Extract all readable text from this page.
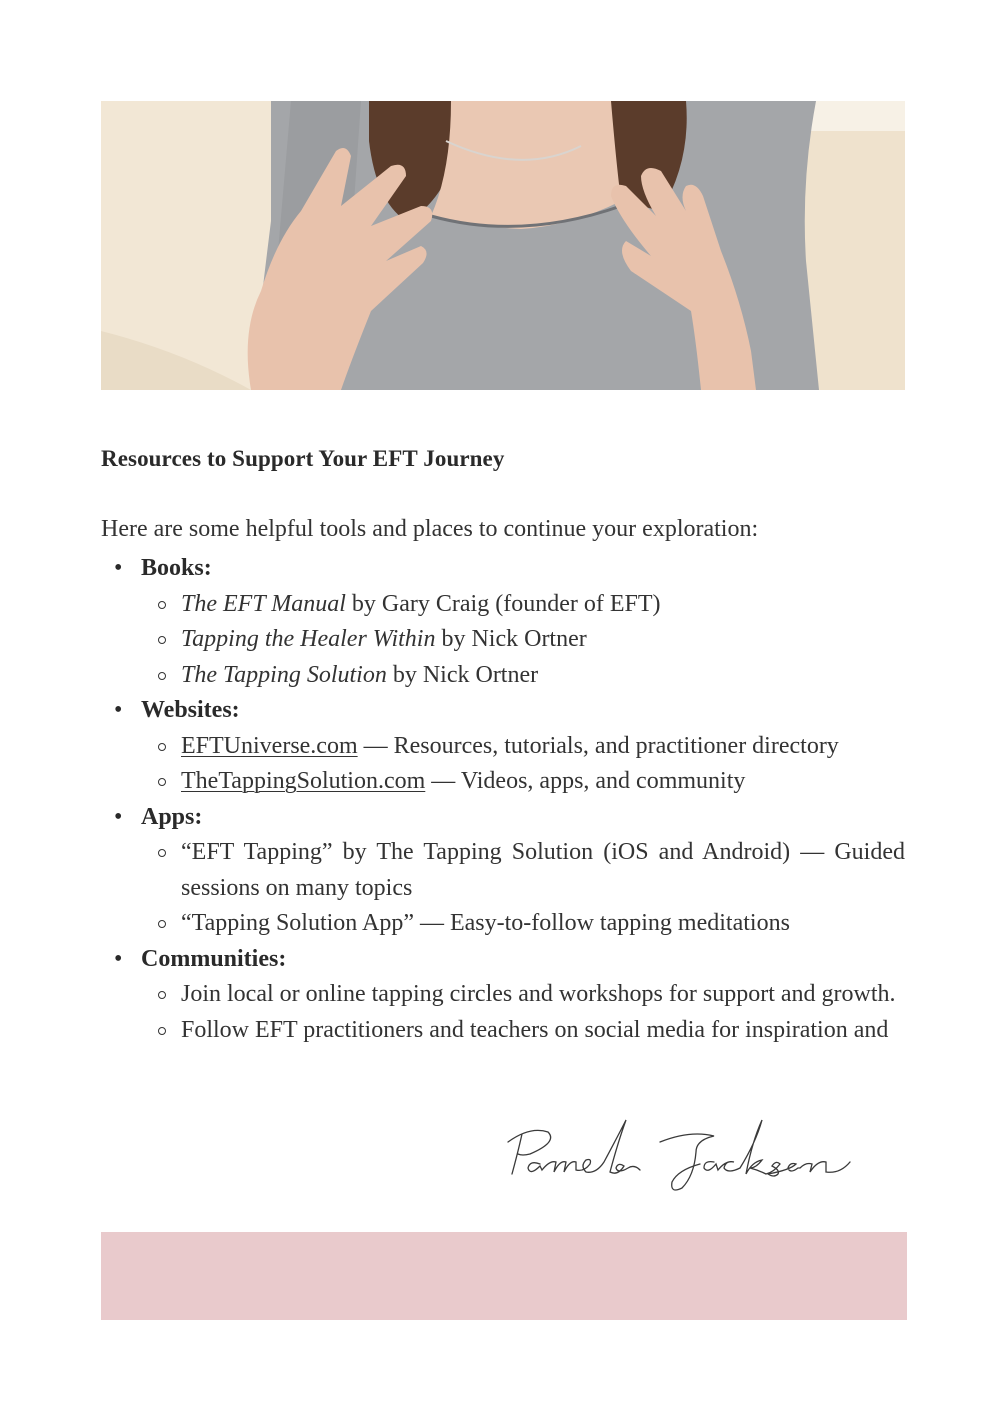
Resources to Support Your EFT Journey
Here are some helpful tools and places to continue your exploration:
• Books:
The EFT Manual by Gary Craig (founder of EFT)
Tapping the Healer Within by Nick Ortner
The Tapping Solution by Nick Ortner
• Websites:
EFTUniverse.com — Resources, tutorials, and practitioner directory
TheTappingSolution.com — Videos, apps, and community
• Apps:
“EFT Tapping” by The Tapping Solution (iOS and Android) — Guided sessions on many topics
“Tapping Solution App” — Easy-to-follow tapping meditations
• Communities:
Join local or online tapping circles and workshops for support and growth.
Follow EFT practitioners and teachers on social media for inspiration and
